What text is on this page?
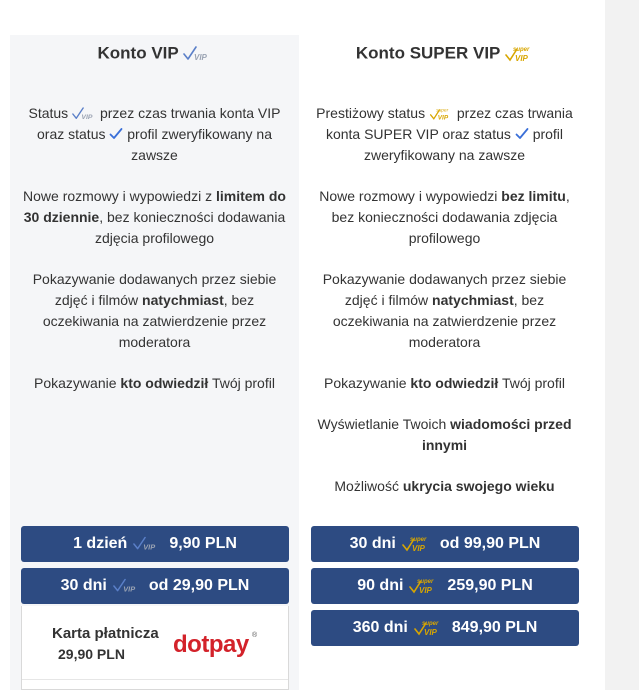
Konto VIP

Status przez czas trwania konta VIP oraz status profil zweryfikowany na zawsze

Nowe rozmowy i wypowiedzi z limitem do 30 dziennie, bez konieczności dodawania zdjęcia profilowego

Pokazywanie dodawanych przez siebie zdjęć i filmów natychmiast, bez oczekiwania na zatwierdzenie przez moderatora

Pokazywanie kto odwiedził Twój profil

1 dzień	9,90 PLN
30 dni	od 29,90 PLN
Karta płatnicza
29,90 PLN dotpay ®
Konto SUPER VIP super
VIP

Prestiżowy status super
VIP przez czas trwania konta SUPER VIP oraz status profil zweryfikowany na zawsze

Nowe rozmowy i wypowiedzi bez limitu, bez konieczności dodawania zdjęcia profilowego

Pokazywanie dodawanych przez siebie zdjęć i filmów natychmiast, bez oczekiwania na zatwierdzenie przez moderatora

Pokazywanie kto odwiedził Twój profil

Wyświetlanie Twoich wiadomości przed innymi

Możliwość ukrycia swojego wieku

30 dni super
VIP od 99,90 PLN
90 dni super
VIP 259,90 PLN
360 dni super
VIP 849,90 PLN
